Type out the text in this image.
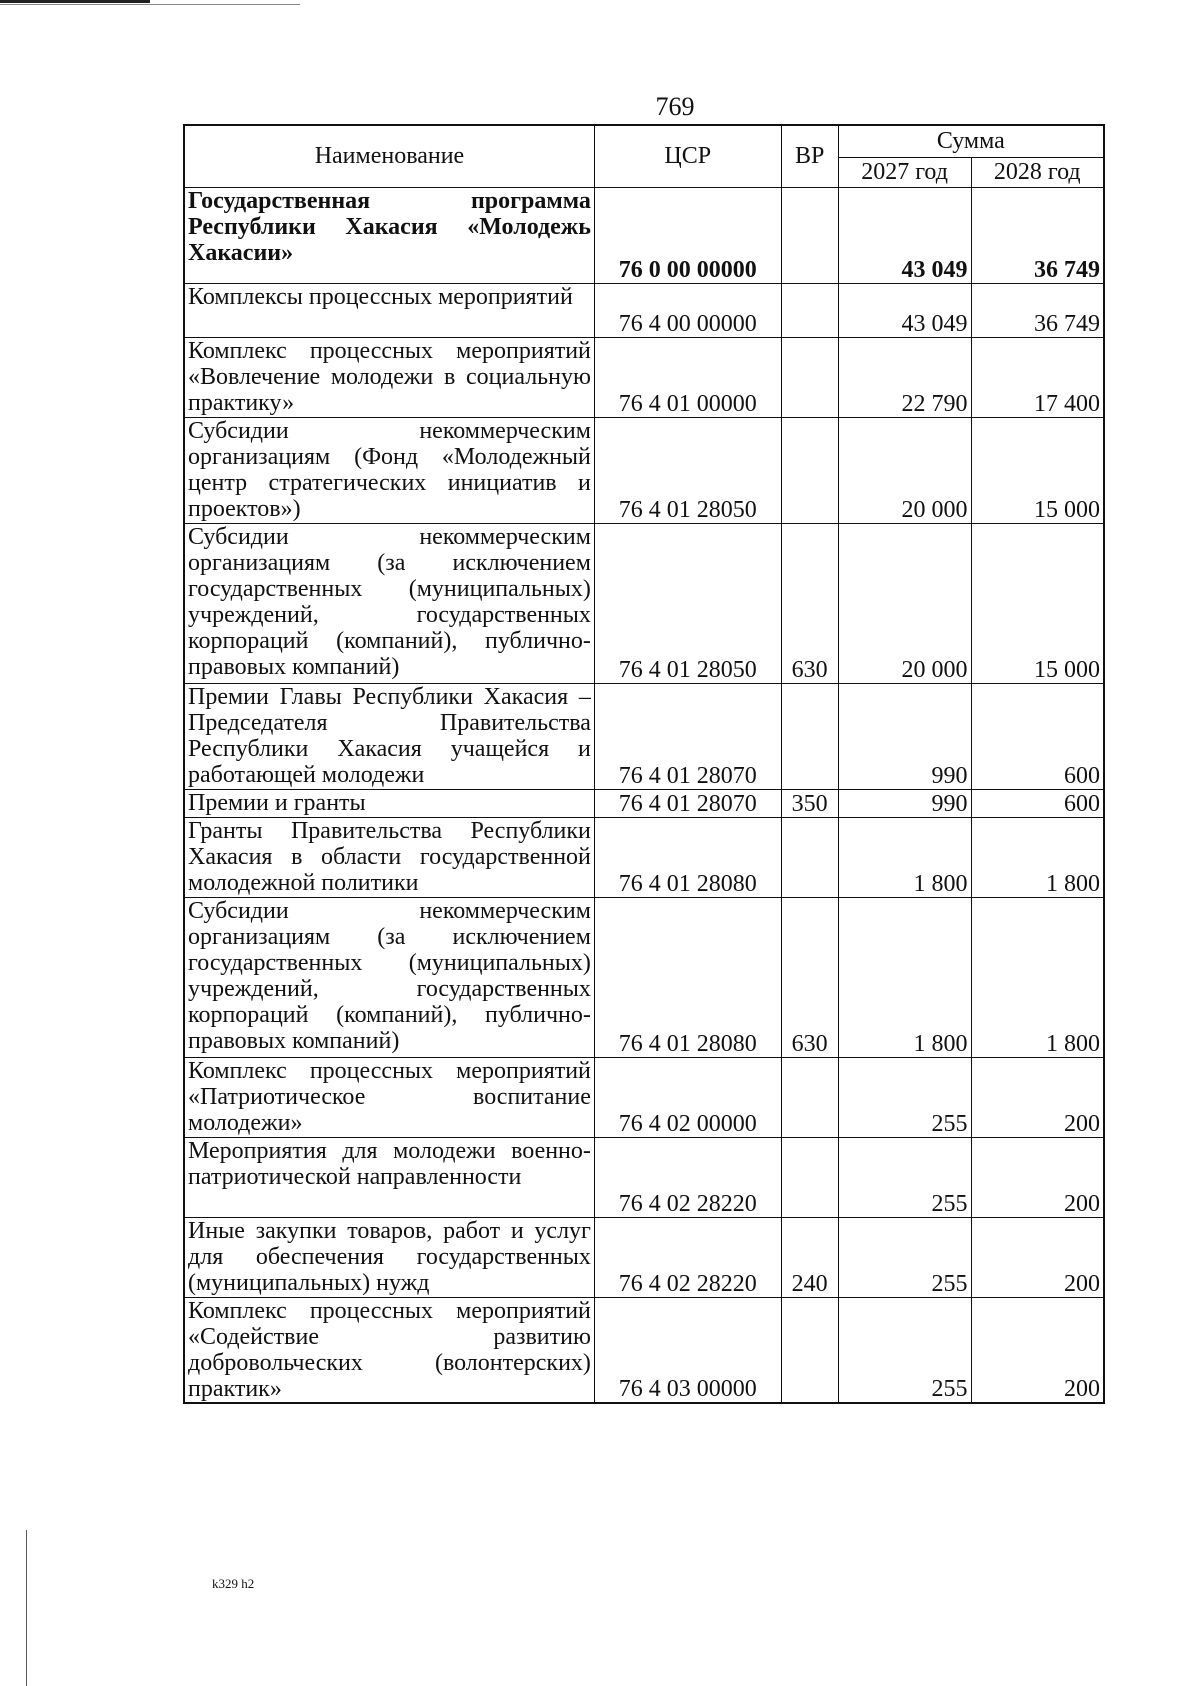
769
Наименование	ЦСР	ВР	Сумма	
			2027 год	2028 год
Государственная программа Республики Хакасия «Молодежь Хакасии»	76 0 00 00000		43 049	36 749
Комплексы процессных мероприятий	76 4 00 00000		43 049	36 749
Комплекс процессных мероприятий «Вовлечение молодежи в социальную практику»	76 4 01 00000		22 790	17 400
Субсидии некоммерческим организациям (Фонд «Молодежный центр стратегических инициатив и проектов»)	76 4 01 28050		20 000	15 000
Субсидии некоммерческим организациям (за исключением государственных (муниципальных) учреждений, государственных корпораций (компаний), публично-правовых компаний)	76 4 01 28050	630	20 000	15 000
Премии Главы Республики Хакасия – Председателя Правительства Республики Хакасия учащейся и работающей молодежи	76 4 01 28070		990	600
Премии и гранты	76 4 01 28070	350	990	600
Гранты Правительства Республики Хакасия в области государственной молодежной политики	76 4 01 28080		1 800	1 800
Субсидии некоммерческим организациям (за исключением государственных (муниципальных) учреждений, государственных корпораций (компаний), публично-правовых компаний)	76 4 01 28080	630	1 800	1 800
Комплекс процессных мероприятий «Патриотическое воспитание молодежи»	76 4 02 00000		255	200
Мероприятия для молодежи военно-патриотической направленности	76 4 02 28220		255	200
Иные закупки товаров, работ и услуг для обеспечения государственных (муниципальных) нужд	76 4 02 28220	240	255	200
Комплекс процессных мероприятий «Содействие развитию добровольческих (волонтерских) практик»	76 4 03 00000		255	200
k329 h2
